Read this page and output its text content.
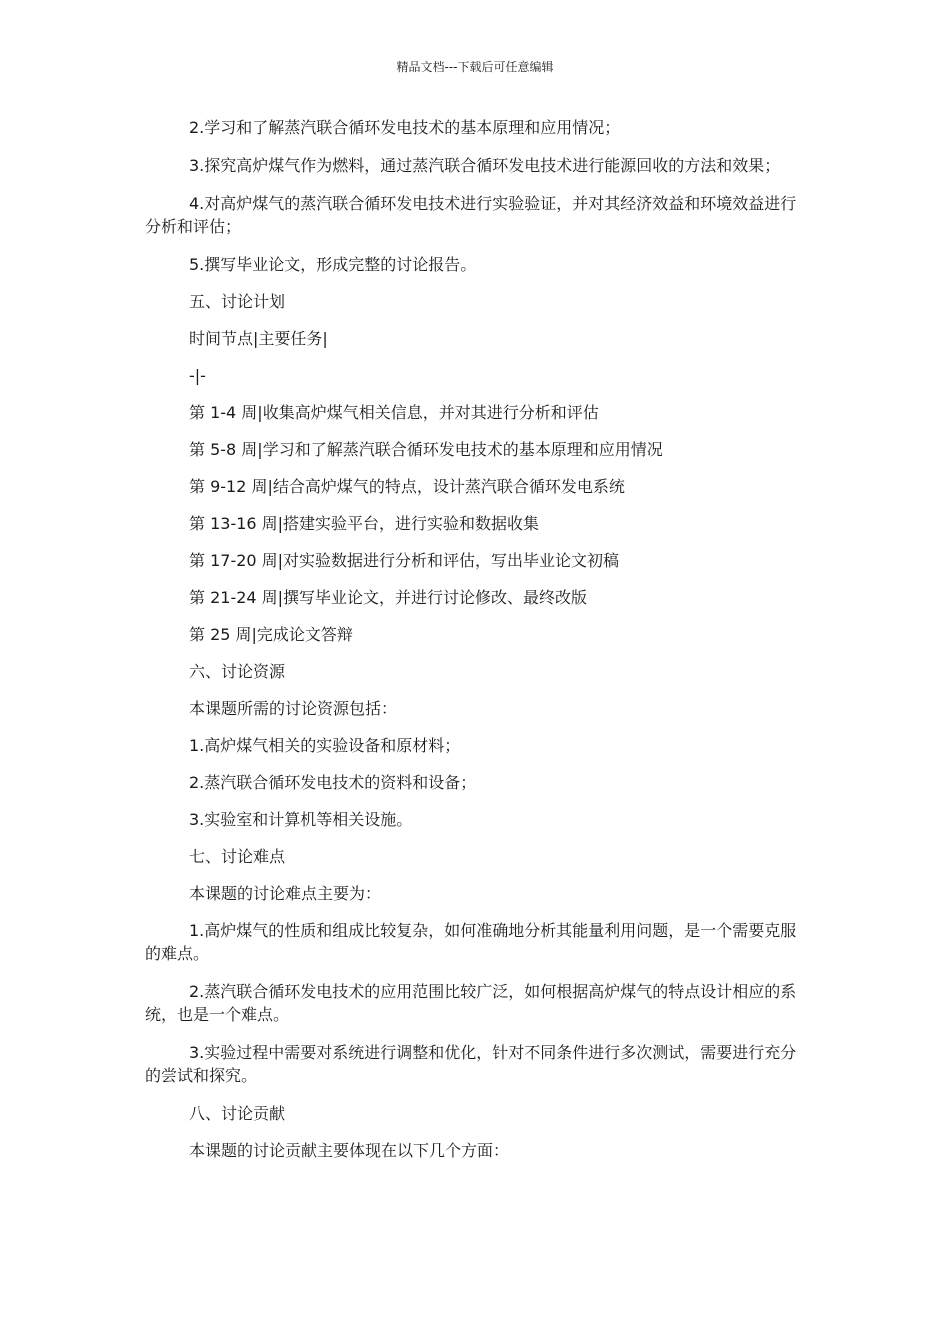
精品文档---下载后可任意编辑

2.学习和了解蒸汽联合循环发电技术的基本原理和应用情况；

3.探究高炉煤气作为燃料，通过蒸汽联合循环发电技术进行能源回收的方法和效果；

4.对高炉煤气的蒸汽联合循环发电技术进行实验验证，并对其经济效益和环境效益进行分析和评估；

5.撰写毕业论文，形成完整的讨论报告。

五、讨论计划

时间节点|主要任务|

-|-

第 1-4 周|收集高炉煤气相关信息，并对其进行分析和评估

第 5-8 周|学习和了解蒸汽联合循环发电技术的基本原理和应用情况

第 9-12 周|结合高炉煤气的特点，设计蒸汽联合循环发电系统

第 13-16 周|搭建实验平台，进行实验和数据收集

第 17-20 周|对实验数据进行分析和评估，写出毕业论文初稿

第 21-24 周|撰写毕业论文，并进行讨论修改、最终改版

第 25 周|完成论文答辩

六、讨论资源

本课题所需的讨论资源包括：

1.高炉煤气相关的实验设备和原材料；

2.蒸汽联合循环发电技术的资料和设备；

3.实验室和计算机等相关设施。

七、讨论难点

本课题的讨论难点主要为：

1.高炉煤气的性质和组成比较复杂，如何准确地分析其能量利用问题，是一个需要克服的难点。

2.蒸汽联合循环发电技术的应用范围比较广泛，如何根据高炉煤气的特点设计相应的系统，也是一个难点。

3.实验过程中需要对系统进行调整和优化，针对不同条件进行多次测试，需要进行充分的尝试和探究。

八、讨论贡献

本课题的讨论贡献主要体现在以下几个方面：
